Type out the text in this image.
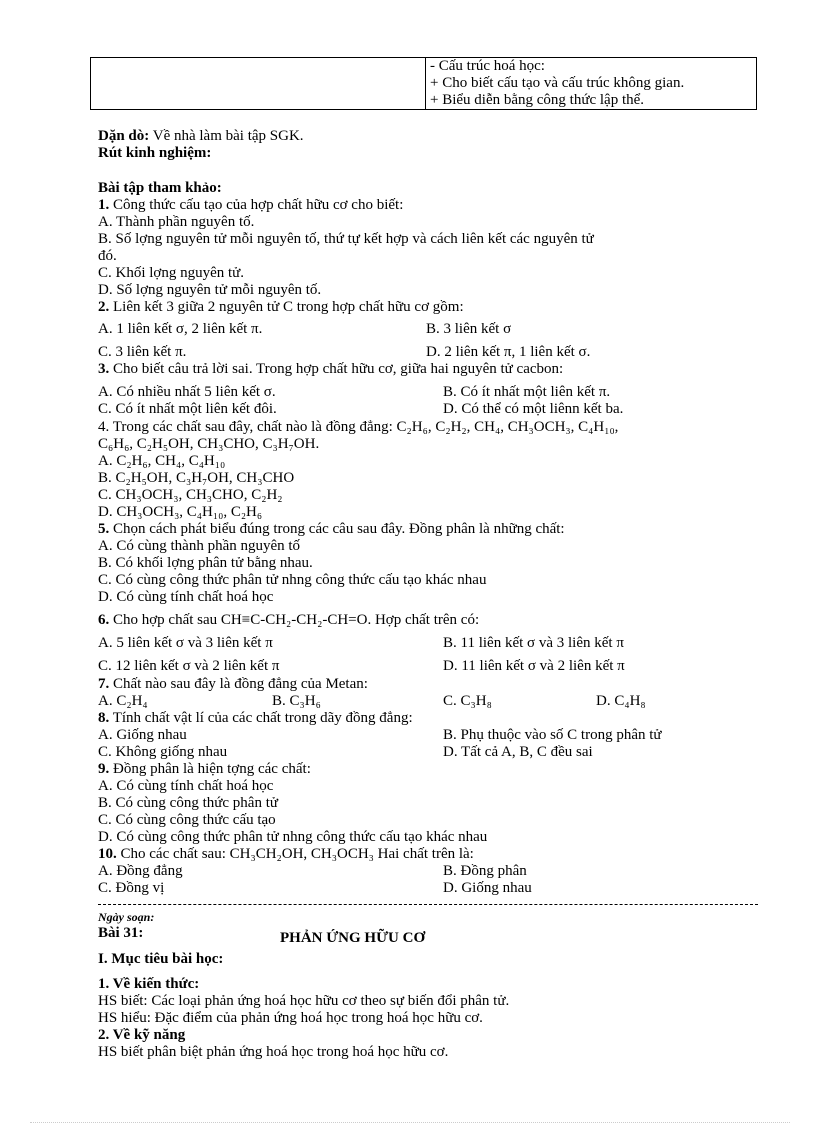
- Cấu trúc hoá học:
+ Cho biết cấu tạo và cấu trúc không gian.
+ Biểu diễn bằng công thức lập thể.
Dặn dò: Về nhà làm bài tập SGK.
Rút kinh nghiệm:
Bài tập tham khảo:
1. Công thức cấu tạo của hợp chất hữu cơ cho biết:
A. Thành phần nguyên tố.
B. Số lợng nguyên tử mỗi nguyên tố, thứ tự kết hợp và cách liên kết các nguyên tử
đó.
C. Khối lợng nguyên tử.
D. Số lợng nguyên tử mỗi nguyên tố.
2. Liên kết 3 giữa 2 nguyên tử C trong hợp chất hữu cơ gồm:
A. 1 liên kết σ, 2 liên kết π.	B. 3 liên kết σ
C. 3 liên kết π.	D. 2 liên kết π, 1 liên kết σ.
3. Cho biết câu trả lời sai. Trong hợp chất hữu cơ, giữa hai nguyên tử cacbon:
A. Có nhiều nhất 5 liên kết σ.	B. Có ít nhất một liên kết π.
C. Có ít nhất một liên kết đôi.	D. Có thể có một liênn kết ba.
4. Trong các chất sau đây, chất nào là đồng đẳng: C₂H₆, C₂H₂, CH₄, CH₃OCH₃, C₄H₁₀,
C₆H₆, C₂H₅OH, CH₃CHO, C₃H₇OH.
A. C₂H₆, CH₄, C₄H₁₀
B. C₂H₅OH, C₃H₇OH, CH₃CHO
C. CH₃OCH₃, CH₃CHO, C₂H₂
D. CH₃OCH₃, C₄H₁₀, C₂H₆
5. Chọn cách phát biểu đúng trong các câu sau đây. Đồng phân là những chất:
A. Có cùng thành phần nguyên tố
B. Có khối lợng phân tử bằng nhau.
C. Có cùng công thức phân tử nhng công thức cấu tạo khác nhau
D. Có cùng tính chất hoá học
6. Cho hợp chất sau CH≡C-CH₂-CH₂-CH=O. Hợp chất trên có:
A. 5 liên kết σ và 3 liên kết π	B. 11 liên kết σ và 3 liên kết π
C. 12 liên kết σ và 2 liên kết π	D. 11 liên kết σ và 2 liên kết π
7. Chất nào sau đây là đồng đẳng của Metan:
A. C₂H₄	B. C₃H₆	C. C₃H₈	D. C₄H₈
8. Tính chất vật lí của các chất trong dãy đồng đẳng:
A. Giống nhau	B. Phụ thuộc vào số C trong phân tử
C. Không giống nhau	D. Tất cả A, B, C đều sai
9. Đồng phân là hiện tợng các chất:
A. Có cùng tính chất hoá học
B. Có cùng công thức phân tử
C. Có cùng công thức cấu tạo
D. Có cùng công thức phân tử nhng công thức cấu tạo khác nhau
10. Cho các chất sau: CH₃CH₂OH, CH₃OCH₃ Hai chất trên là:
A. Đồng đẳng	B. Đồng phân
C. Đồng vị	D. Giống nhau
Bài 31:	PHẢN ỨNG HỮU CƠ
I. Mục tiêu bài học:
1. Về kiến thức:
HS biết: Các loại phản ứng hoá học hữu cơ theo sự biến đổi phân tử.
HS hiểu: Đặc điểm của phản ứng hoá học trong hoá học hữu cơ.
2. Về kỹ năng
HS biết phân biệt phản ứng hoá học trong hoá học hữu cơ.
Ngày soạn:
